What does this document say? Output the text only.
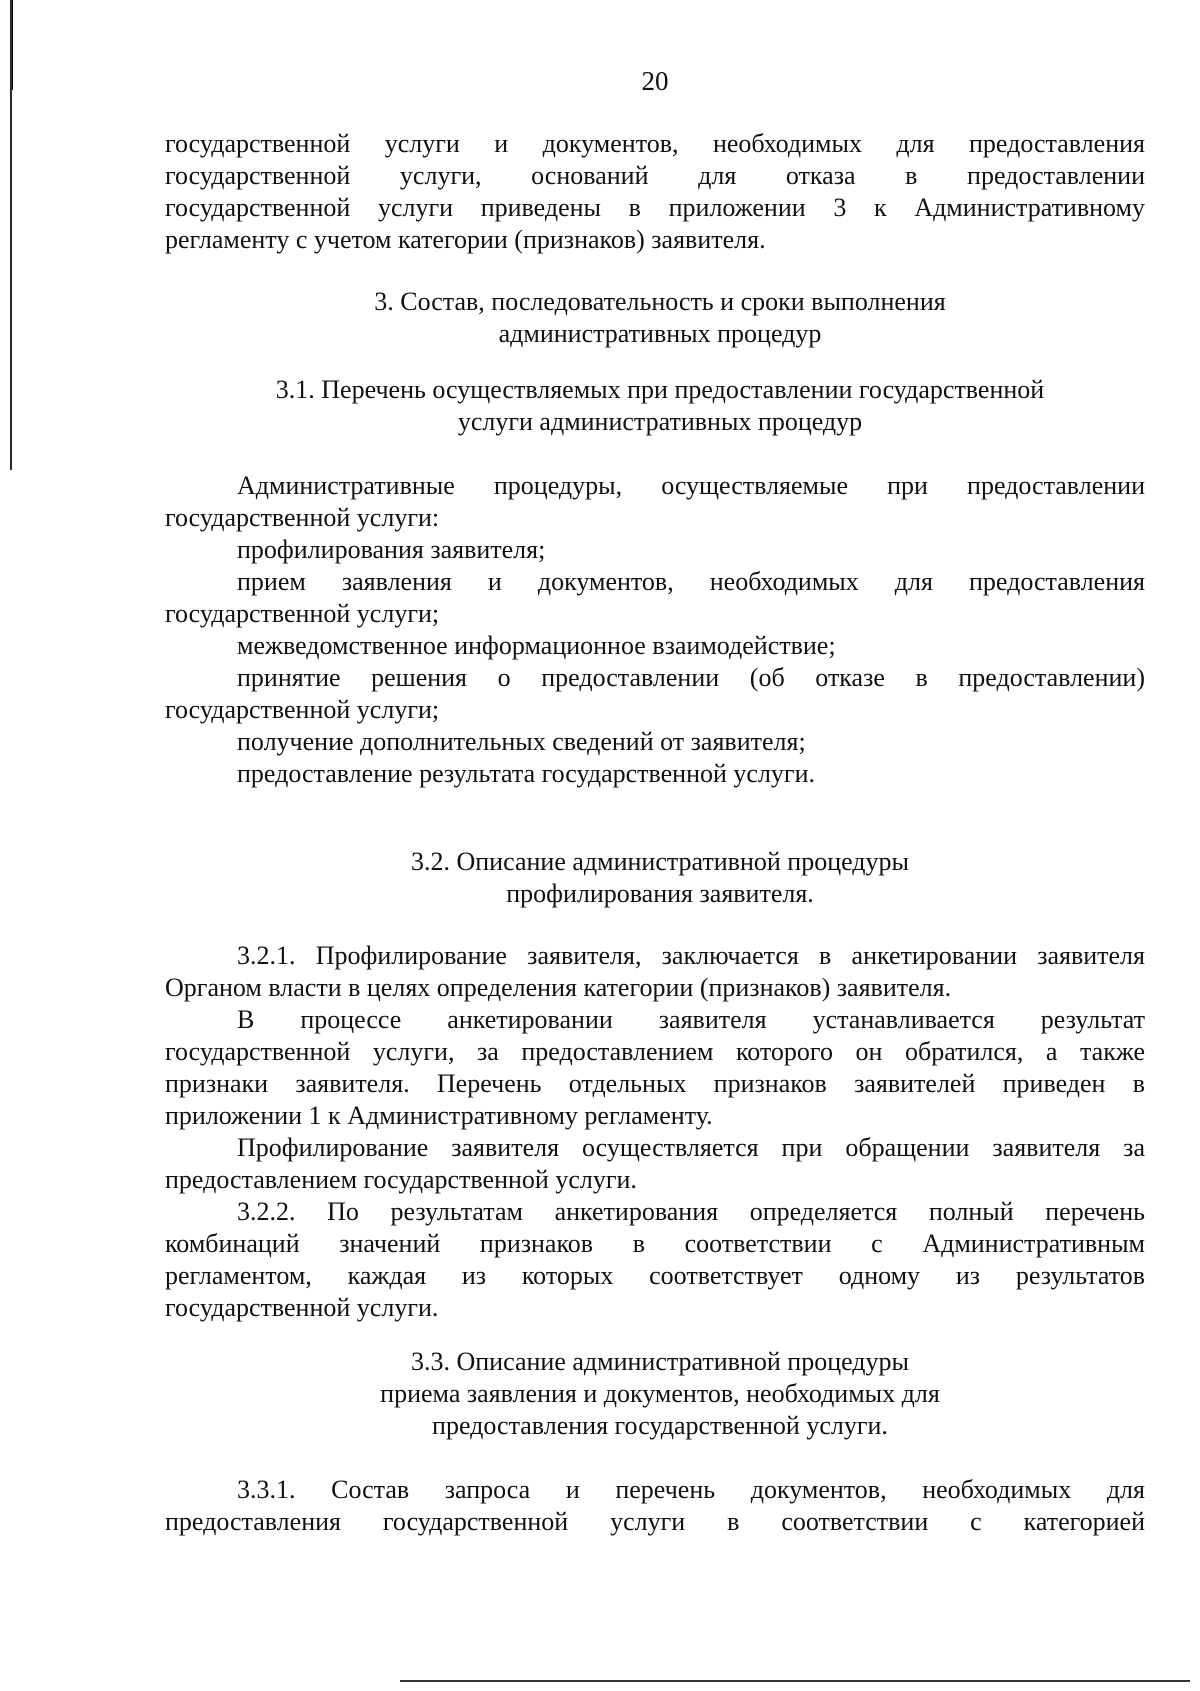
20

государственной услуги и документов, необходимых для предоставления

государственной услуги, оснований для отказа в предоставлении

государственной услуги приведены в приложении 3 к Административному

регламенту с учетом категории (признаков) заявителя.

3. Состав, последовательность и сроки выполнения
административных процедур
3.1. Перечень осуществляемых при предоставлении государственной
услуги административных процедур

Административные процедуры, осуществляемые при предоставлении

государственной услуги:

профилирования заявителя;

прием заявления и документов, необходимых для предоставления

государственной услуги;

межведомственное информационное взаимодействие;

принятие решения о предоставлении (об отказе в предоставлении)

государственной услуги;

получение дополнительных сведений от заявителя;

предоставление результата государственной услуги.

3.2. Описание административной процедуры
профилирования заявителя.

3.2.1. Профилирование заявителя, заключается в анкетировании заявителя

Органом власти в целях определения категории (признаков) заявителя.

В процессе анкетировании заявителя устанавливается результат

государственной услуги, за предоставлением которого он обратился, а также

признаки заявителя. Перечень отдельных признаков заявителей приведен в

приложении 1 к Административному регламенту.

Профилирование заявителя осуществляется при обращении заявителя за

предоставлением государственной услуги.

3.2.2. По результатам анкетирования определяется полный перечень

комбинаций значений признаков в соответствии с Административным

регламентом, каждая из которых соответствует одному из результатов

государственной услуги.

3.3. Описание административной процедуры
приема заявления и документов, необходимых для
предоставления государственной услуги.

3.3.1. Состав запроса и перечень документов, необходимых для

предоставления государственной услуги в соответствии с категорией
